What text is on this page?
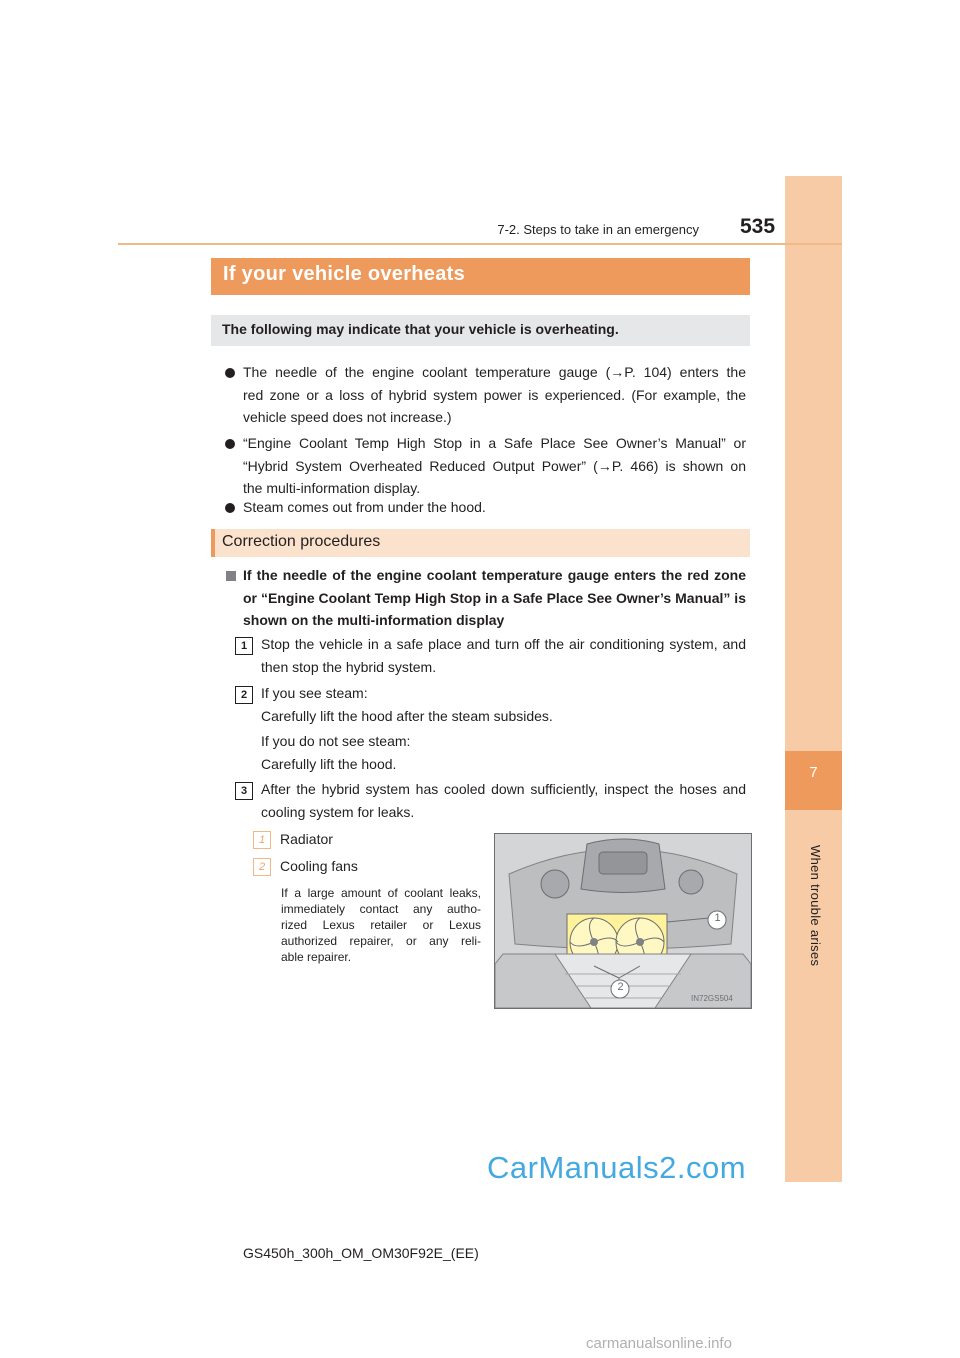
7
When trouble arises
7-2. Steps to take in an emergency 535
If your vehicle overheats
The following may indicate that your vehicle is overheating.
The needle of the engine coolant temperature gauge (→P. 104) enters the
red zone or a loss of hybrid system power is experienced. (For example, the
vehicle speed does not increase.)
“Engine Coolant Temp High Stop in a Safe Place See Owner’s Manual” or
“Hybrid System Overheated Reduced Output Power” (→P. 466) is shown on
the multi-information display.
Steam comes out from under the hood.
Correction procedures
If the needle of the engine coolant temperature gauge enters the red zone
or “Engine Coolant Temp High Stop in a Safe Place See Owner’s Manual” is
shown on the multi-information display
1 Stop the vehicle in a safe place and turn off the air conditioning system, and
then stop the hybrid system.
2 If you see steam:
Carefully lift the hood after the steam subsides.
If you do not see steam:
Carefully lift the hood.
3 After the hybrid system has cooled down sufficiently, inspect the hoses and
cooling system for leaks.
1	Radiator
2	Cooling fans
If a large amount of coolant leaks,
immediately contact any autho-
rized Lexus retailer or Lexus
authorized repairer, or any reli-
able repairer.
1
2
IN72GS504
CarManuals2.com
GS450h_300h_OM_OM30F92E_(EE)
carmanualsonline.info
